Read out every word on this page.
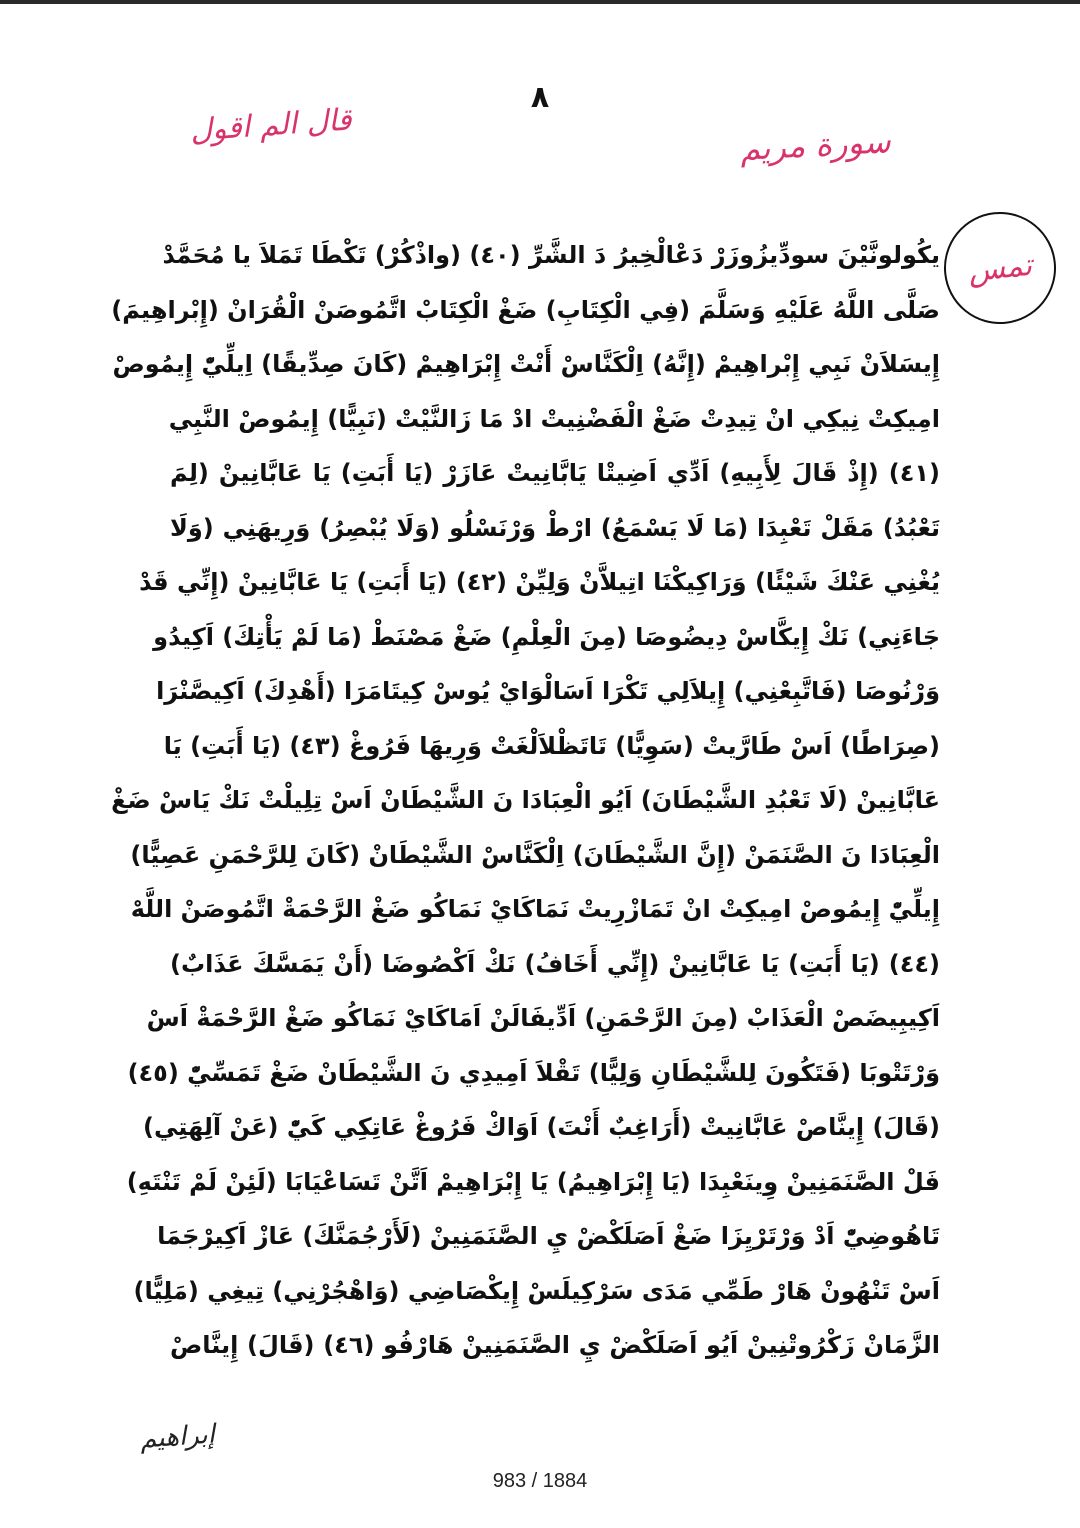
٨
قال الم اقول	سورة مريم
تمس
يكُولونَّيْنَ سودِّيزُوزَرْ دَعْالْخِيرُ دَ الشَّرِّ (٤٠) (واذْكُرْ) تَكْطَا تَمَلاَ يا مُحَمَّدْ
صَلَّى اللَّهُ عَلَيْهِ وَسَلَّمَ (فِي الْكِتَابِ) ضَغْ الْكِتَابْ اتَّمُوصَنْ الْقُرَانْ (إِبْراهِيمَ)
إِيسَلاَنْ نَبِي إِبْراهِيمْ (إِنَّهُ) اِلْكَنَّاسْ أَنْتْ إِبْرَاهِيمْ (كَانَ صِدِّيقًا) اِيلِّيّْ إِيمُوصْ
امِيكِتْ نِيكِي انْ تِيدِتْ ضَغْ الْفَضْنِيتْ ادْ مَا زَالنَّيْتْ (نَبِيًّا) إِيمُوصْ النَّبِي
(٤١) (إِذْ قَالَ لِأَبِيهِ) اَدِّي اَضِيتْا يَابَّانِيتْ عَازَرْ (يَا أَبَتِ) يَا عَابَّانِينْ (لِمَ
تَعْبُدُ) مَقَلْ تَعْبِدَا (مَا لَا يَسْمَعُ) ارْطْ وَرْنَسْلُو (وَلَا يُبْصِرُ) وَرِيهَنِي (وَلَا
يُغْنِي عَنْكَ شَيْئًا) وَرَاكِيكْنَا اتِيلاَّنْ وَلِيِّنْ (٤٢) (يَا أَبَتِ) يَا عَابَّانِينْ (إِنِّي قَدْ
جَاءَنِي) نَكْ إِيكَّاسْ دِيضُوصَا (مِنَ الْعِلْمِ) ضَغْ مَصْنَطْ (مَا لَمْ يَأْتِكَ) اَكِيدُو
وَرْنُوصَا (فَاتَّبِعْنِي) إِيلاَلِي تَكْرَا اَسَالْوَايْ يُوسْ كِيتَامَرَا (أَهْدِكَ) اَكِيصَّنْرَا
(صِرَاطًا) اَسْ طَارَّيتْ (سَوِيًّا) تَاتَظْلاَلْغَتْ وَرِيهَا فَرُوغْ (٤٣) (يَا أَبَتِ) يَا
عَابَّانِينْ (لَا تَعْبُدِ الشَّيْطَانَ) اَيُو الْعِبَادَا نَ الشَّيْطَانْ اَسْ تِلِيلْتْ نَكْ يَاسْ ضَغْ
الْعِبَادَا نَ الصَّنَمَنْ (إِنَّ الشَّيْطَانَ) اِلْكَنَّاسْ الشَّيْطَانْ (كَانَ لِلرَّحْمَنِ عَصِيًّا)
إِيلِّيّْ إِيمُوصْ امِيكِتْ انْ تَمَازْرِيتْ نَمَاكَايْ نَمَاكُو ضَغْ الرَّحْمَةْ اتَّمُوصَنْ اللَّهْ
(٤٤) (يَا أَبَتِ) يَا عَابَّانِينْ (إِنِّي أَخَافُ) نَكْ اَكْصُوضَا (أَنْ يَمَسَّكَ عَذَابٌ)
اَكِيبِيضَصْ الْعَذَابْ (مِنَ الرَّحْمَنِ) اَدِّيفَالَنْ اَمَاكَايْ نَمَاكُو ضَغْ الرَّحْمَةْ اَسْ
وَرْتَتْوبَا (فَتَكُونَ لِلشَّيْطَانِ وَلِيًّا) تَقْلاَ اَمِيدِي نَ الشَّيْطَانْ ضَغْ تَمَسِّيّْ (٤٥)
(قَالَ) إِينَّاصْ عَابَّانِيتْ (أَرَاغِبٌ أَنْتَ) اَوَاكْ فَرُوغْ عَاتِكِي كَيّْ (عَنْ آلِهَتِي)
فَلْ الصَّنَمَنِينْ وِينَعْبِدَا (يَا إِبْرَاهِيمُ) يَا إِبْرَاهِيمْ اَتَّنْ تَسَاعْيَابَا (لَئِنْ لَمْ تَنْتَهِ)
تَاهُوضِيّْ اَدْ وَرْتَرْيِزَا ضَغْ اَصَلَكْضْ يِ الصَّنَمَنِينْ (لَأَرْجُمَنَّكَ) عَازْ اَكِيرْجَمَا
اَسْ تَنْهُونْ هَارْ طَمِّي مَدَى سَرْكِيلَسْ إِيكْصَاضِي (وَاهْجُرْنِي) تِيغِي (مَلِيًّا)
الزَّمَانْ زَكْرُوتْنِينْ اَيُو اَصَلَكْضْ يِ الصَّنَمَنِينْ هَارْفُو (٤٦) (قَالَ) إِينَّاصْ
إبراهيم
983 / 1884
